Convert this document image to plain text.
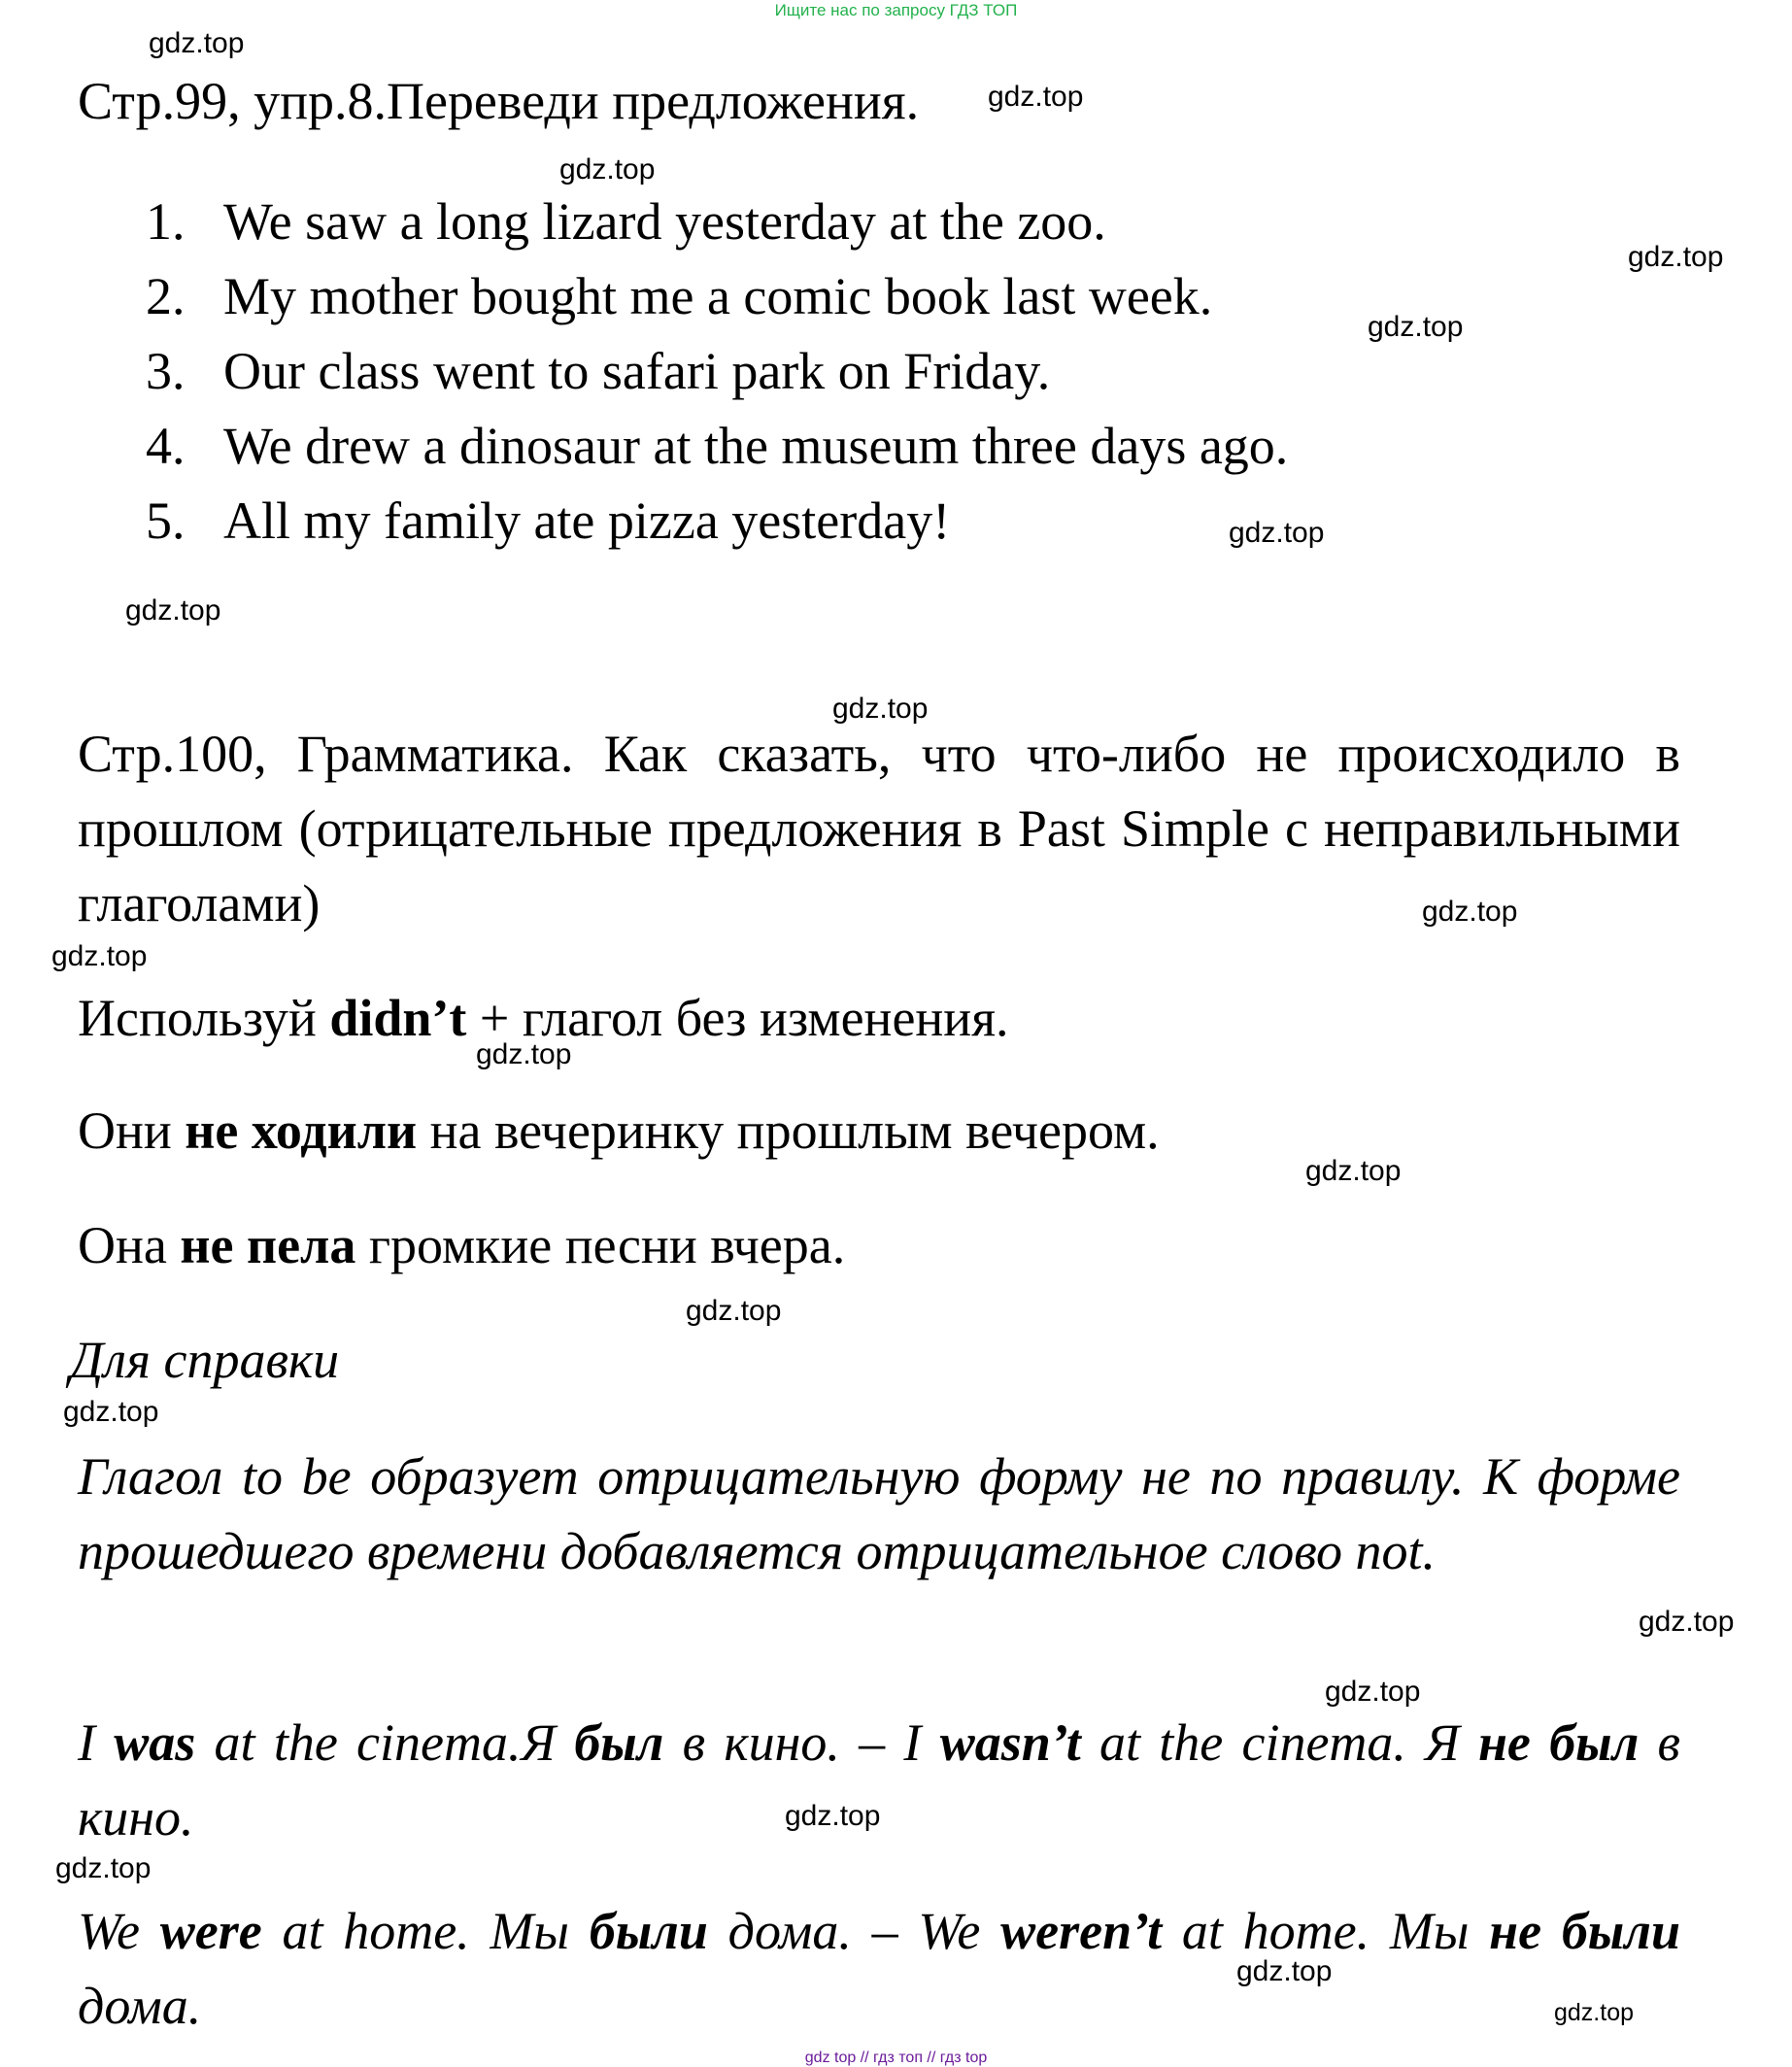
Ищите нас по запросу ГДЗ ТОП
Стр.99, упр.8.Переведи предложения.
1. We saw a long lizard yesterday at the zoo.
2. My mother bought me a comic book last week.
3. Our class went to safari park on Friday.
4. We drew a dinosaur at the museum three days ago.
5. All my family ate pizza yesterday!
Стр.100, Грамматика. Как сказать, что что-либо не происходило в прошлом (отрицательные предложения в Past Simple с неправильными глаголами)
Используй didn’t + глагол без изменения.
Они не ходили на вечеринку прошлым вечером.
Она не пела громкие песни вчера.
Для справки
Глагол to be образует отрицательную форму не по правилу. К форме прошедшего времени добавляется отрицательное слово not.
I was at the cinema.Я был в кино. – I wasn’t at the cinema. Я не был в кино.
We were at home. Мы были дома. – We weren’t at home. Мы не были дома.
gdz.top
gdz.top
gdz.top
gdz.top
gdz.top
gdz.top
gdz.top
gdz.top
gdz.top
gdz.top
gdz.top
gdz.top
gdz.top
gdz.top
gdz.top
gdz.top
gdz.top
gdz.top
gdz.top
gdz.top
gdz top // гдз топ // гдз top
